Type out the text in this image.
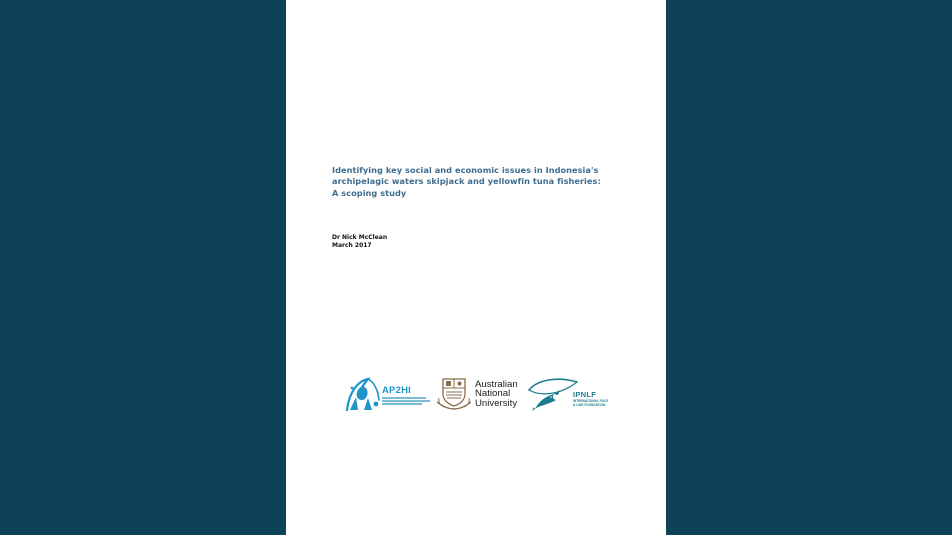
Identifying key social and economic issues in Indonesia's archipelagic waters skipjack and yellowfin tuna fisheries: A scoping study
Dr Nick McClean
March 2017
AP2HI
Australian
National
University
IPNLF
INTERNATIONAL POLE
& LINE FOUNDATION
